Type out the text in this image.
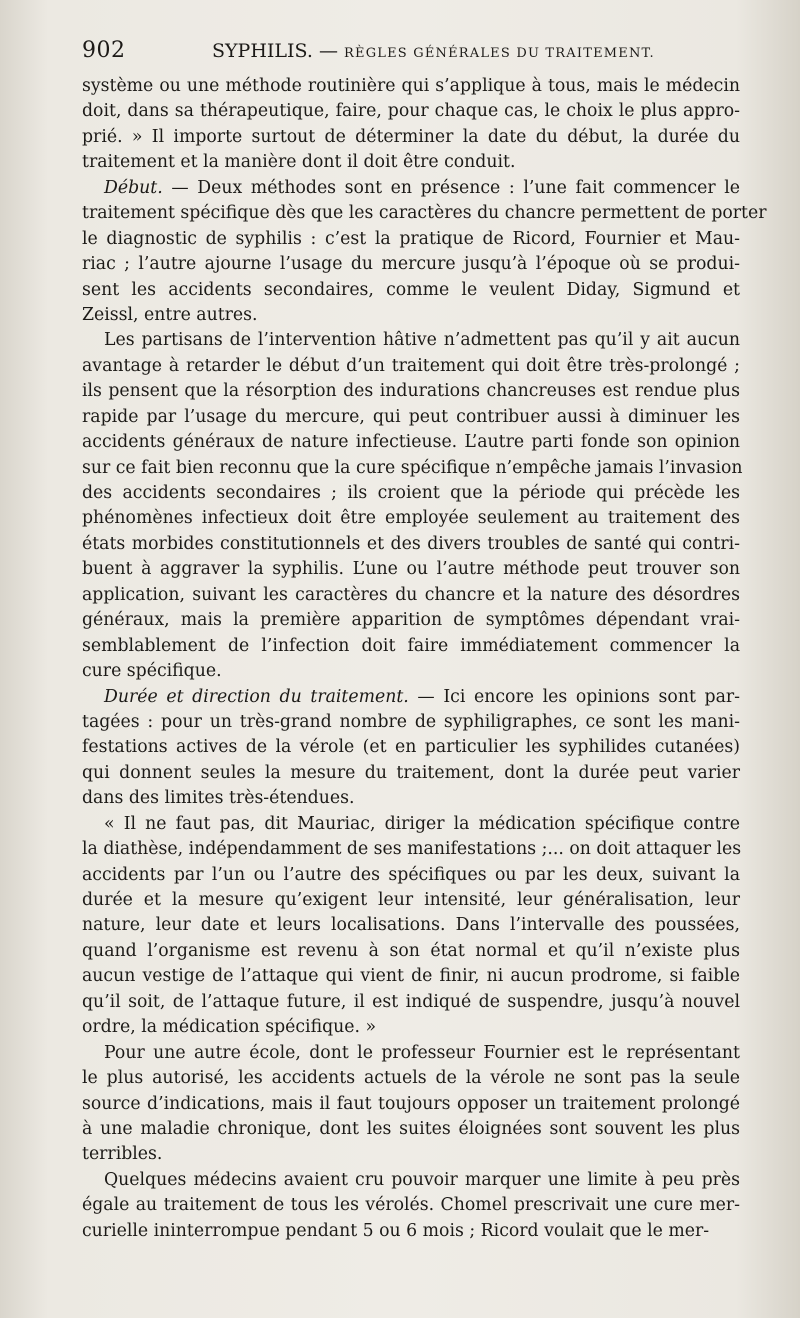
902	SYPHILIS. — RÈGLES GÉNÉRALES DU TRAITEMENT.
système ou une méthode routinière qui s’applique à tous, mais le médecin
doit, dans sa thérapeutique, faire, pour chaque cas, le choix le plus appro-
prié. » Il importe surtout de déterminer la date du début, la durée du
traitement et la manière dont il doit être conduit.
Début. — Deux méthodes sont en présence : l’une fait commencer le
traitement spécifique dès que les caractères du chancre permettent de porter
le diagnostic de syphilis : c’est la pratique de Ricord, Fournier et Mau-
riac ; l’autre ajourne l’usage du mercure jusqu’à l’époque où se produi-
sent les accidents secondaires, comme le veulent Diday, Sigmund et
Zeissl, entre autres.
Les partisans de l’intervention hâtive n’admettent pas qu’il y ait aucun
avantage à retarder le début d’un traitement qui doit être très-prolongé ;
ils pensent que la résorption des indurations chancreuses est rendue plus
rapide par l’usage du mercure, qui peut contribuer aussi à diminuer les
accidents généraux de nature infectieuse. L’autre parti fonde son opinion
sur ce fait bien reconnu que la cure spécifique n’empêche jamais l’invasion
des accidents secondaires ; ils croient que la période qui précède les
phénomènes infectieux doit être employée seulement au traitement des
états morbides constitutionnels et des divers troubles de santé qui contri-
buent à aggraver la syphilis. L’une ou l’autre méthode peut trouver son
application, suivant les caractères du chancre et la nature des désordres
généraux, mais la première apparition de symptômes dépendant vrai-
semblablement de l’infection doit faire immédiatement commencer la
cure spécifique.
Durée et direction du traitement. — Ici encore les opinions sont par-
tagées : pour un très-grand nombre de syphiligraphes, ce sont les mani-
festations actives de la vérole (et en particulier les syphilides cutanées)
qui donnent seules la mesure du traitement, dont la durée peut varier
dans des limites très-étendues.
« Il ne faut pas, dit Mauriac, diriger la médication spécifique contre
la diathèse, indépendamment de ses manifestations ;... on doit attaquer les
accidents par l’un ou l’autre des spécifiques ou par les deux, suivant la
durée et la mesure qu’exigent leur intensité, leur généralisation, leur
nature, leur date et leurs localisations. Dans l’intervalle des poussées,
quand l’organisme est revenu à son état normal et qu’il n’existe plus
aucun vestige de l’attaque qui vient de finir, ni aucun prodrome, si faible
qu’il soit, de l’attaque future, il est indiqué de suspendre, jusqu’à nouvel
ordre, la médication spécifique. »
Pour une autre école, dont le professeur Fournier est le représentant
le plus autorisé, les accidents actuels de la vérole ne sont pas la seule
source d’indications, mais il faut toujours opposer un traitement prolongé
à une maladie chronique, dont les suites éloignées sont souvent les plus
terribles.
Quelques médecins avaient cru pouvoir marquer une limite à peu près
égale au traitement de tous les vérolés. Chomel prescrivait une cure mer-
curielle ininterrompue pendant 5 ou 6 mois ; Ricord voulait que le mer-
